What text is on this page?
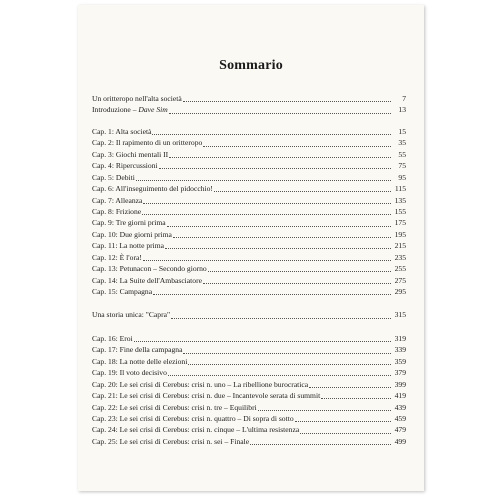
Sommario
Un oritteropo nell'alta società	7
Introduzione – Dave Sim	13
Cap. 1: Alta società	15
Cap. 2: Il rapimento di un oritteropo	35
Cap. 3: Giochi mentali II	55
Cap. 4: Ripercussioni	75
Cap. 5: Debiti	95
Cap. 6: All'inseguimento del pidocchio!	115
Cap. 7: Alleanza	135
Cap. 8: Frizione	155
Cap. 9: Tre giorni prima	175
Cap. 10: Due giorni prima	195
Cap. 11: La notte prima	215
Cap. 12: È l'ora!	235
Cap. 13: Petunacon – Secondo giorno	255
Cap. 14: La Suite dell'Ambasciatore	275
Cap. 15: Campagna	295
Una storia unica: "Capra"	315
Cap. 16: Eroi	319
Cap. 17: Fine della campagna	339
Cap. 18: La notte delle elezioni	359
Cap. 19: Il voto decisivo	379
Cap. 20: Le sei crisi di Cerebus: crisi n. uno – La ribellione burocratica	399
Cap. 21: Le sei crisi di Cerebus: crisi n. due – Incantevole serata di summit	419
Cap. 22: Le sei crisi di Cerebus: crisi n. tre – Equilibri	439
Cap. 23: Le sei crisi di Cerebus: crisi n. quattro – Di sopra di sotto	459
Cap. 24: Le sei crisi di Cerebus: crisi n. cinque – L'ultima resistenza	479
Cap. 25: Le sei crisi di Cerebus: crisi n. sei – Finale	499
